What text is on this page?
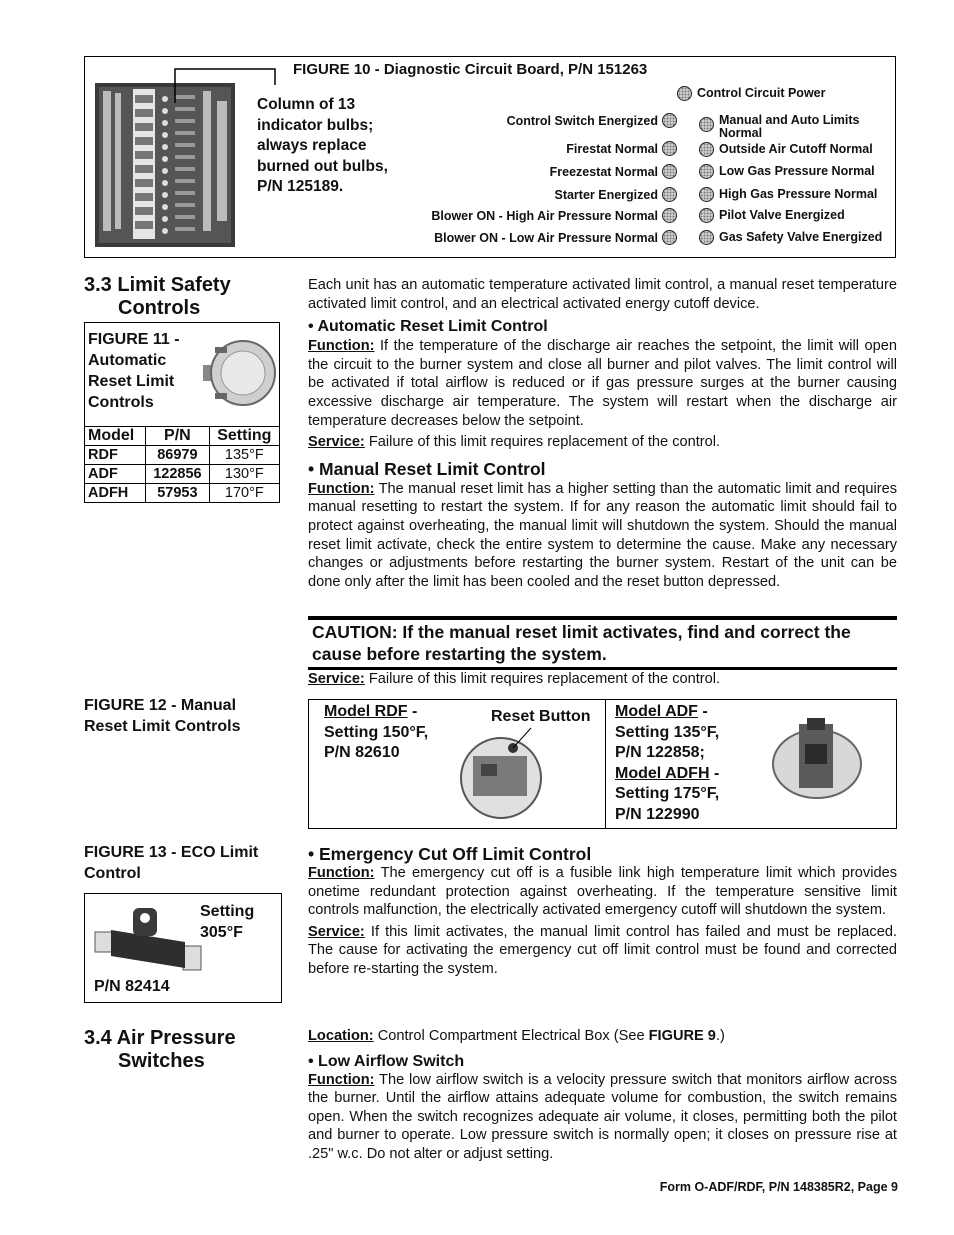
FIGURE 10 - Diagnostic Circuit Board, P/N 151263
Column of 13
indicator bulbs;
always replace
burned out bulbs,
P/N 125189.
Control Circuit Power
Control Switch Energized
Firestat Normal
Freezestat Normal
Starter Energized
Blower ON - High Air Pressure Normal
Blower ON - Low Air Pressure Normal
Manual and Auto Limits Normal
Outside Air Cutoff Normal
Low Gas Pressure Normal
High Gas Pressure Normal
Pilot Valve Energized
Gas Safety Valve Energized
3.3 Limit Safety
Controls
FIGURE 11 -
Automatic
Reset Limit
Controls
Model	P/N	Setting
RDF	86979	135°F
ADF	122856	130°F
ADFH	57953	170°F
Each unit has an automatic temperature activated limit control, a manual reset temperature activated limit control, and an electrical activated energy cutoff device.
• Automatic Reset Limit Control
Function: If the temperature of the discharge air reaches the setpoint, the limit will open the circuit to the burner system and close all burner and pilot valves. The limit control will be activated if total airflow is reduced or if gas pressure surges at the burner causing excessive discharge air temperature. The system will restart when the discharge air temperature decreases below the setpoint.
Service: Failure of this limit requires replacement of the control.
• Manual Reset Limit Control
Function: The manual reset limit has a higher setting than the automatic limit and requires manual resetting to restart the system. If for any reason the automatic limit should fail to protect against overheating, the manual limit will shutdown the system. Should the manual reset limit activate, check the entire system to determine the cause. Make any necessary changes or adjustments before restarting the burner system. Restart of the unit can be done only after the limit has been cooled and the reset button depressed.
CAUTION: If the manual reset limit activates, find and correct the cause before restarting the system.
Service: Failure of this limit requires replacement of the control.
FIGURE 12 - Manual
Reset Limit Controls
Model RDF -
Setting 150°F,
P/N 82610
Reset Button Model ADF -
Setting 135°F,
P/N 122858;
Model ADFH -
Setting 175°F,
P/N 122990
FIGURE 13 - ECO Limit
Control
Setting
305°F
P/N 82414
• Emergency Cut Off Limit Control
Function: The emergency cut off is a fusible link high temperature limit which provides onetime redundant protection against overheating. If the temperature sensitive limit controls malfunction, the electrically activated emergency cutoff will shutdown the system.
Service: If this limit activates, the manual limit control has failed and must be replaced. The cause for activating the emergency cut off limit control must be found and corrected before re-starting the system.
3.4 Air Pressure
Switches
Location: Control Compartment Electrical Box (See FIGURE 9.)
• Low Airflow Switch
Function: The low airflow switch is a velocity pressure switch that monitors airflow across the burner. Until the airflow attains adequate volume for combustion, the switch remains open. When the switch recognizes adequate air volume, it closes, permitting both the pilot and burner to operate. Low pressure switch is normally open; it closes on pressure rise at .25" w.c. Do not alter or adjust setting.
Form O-ADF/RDF, P/N 148385R2, Page 9
